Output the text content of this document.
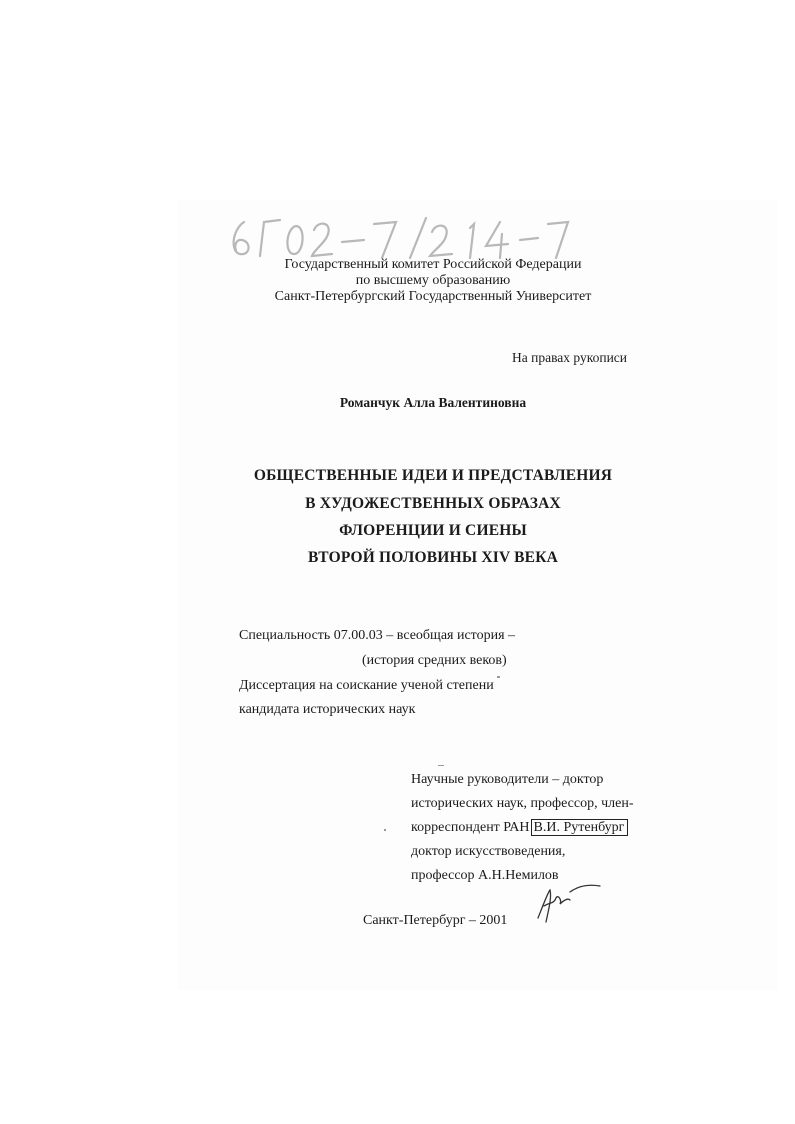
Государственный комитет Российской Федерации
по высшему образованию
Санкт-Петербургский Государственный Университет
На правах рукописи
Романчук Алла Валентиновна
ОБЩЕСТВЕННЫЕ ИДЕИ И ПРЕДСТАВЛЕНИЯ
В ХУДОЖЕСТВЕННЫХ ОБРАЗАХ
ФЛОРЕНЦИИ И СИЕНЫ
ВТОРОЙ ПОЛОВИНЫ XIV ВЕКА
Специальность 07.00.03 – всеобщая история –
(история средних веков)
Диссертация на соискание ученой степени
кандидата исторических наук
Научные руководители – доктор
исторических наук, профессор, член-
корреспондент РАН В.И. Рутенбург
доктор искусствоведения,
профессор А.Н.Немилов
Санкт-Петербург – 2001
